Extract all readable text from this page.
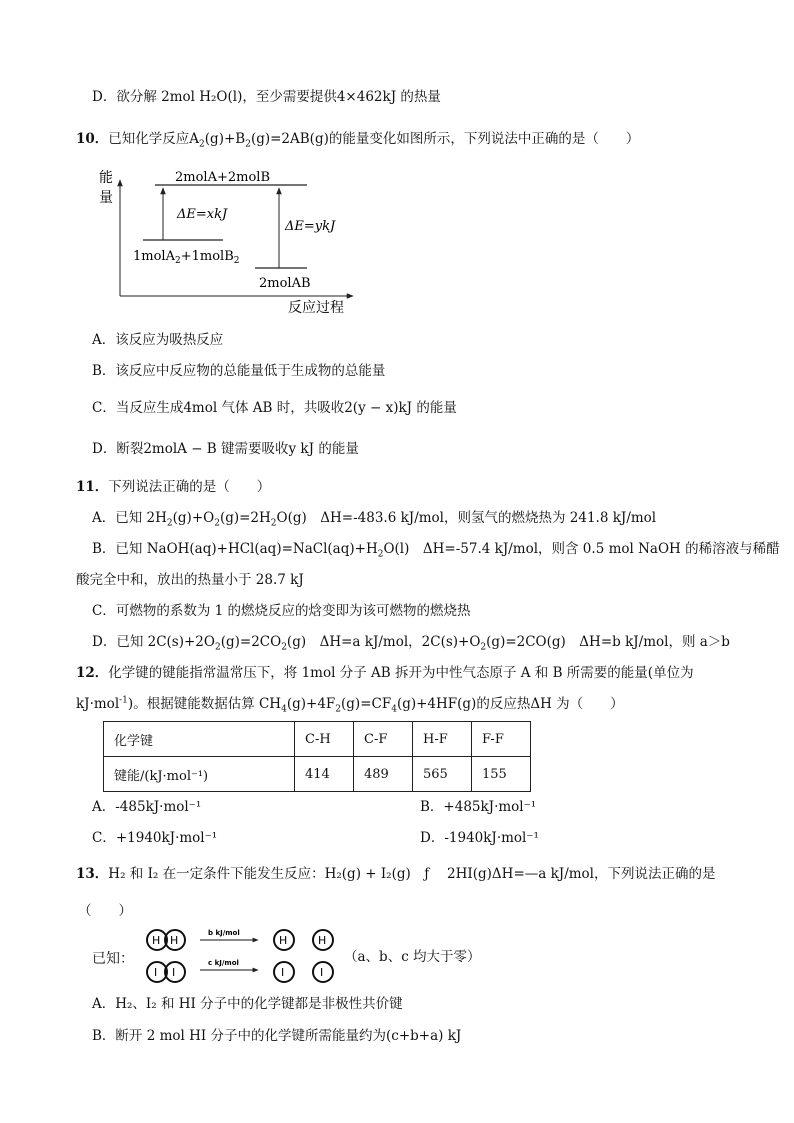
D．欲分解 2mol H₂O(l)，至少需要提供4×462kJ 的热量
10．已知化学反应$A_2(g)+B_2(g)=2AB(g)$的能量变化如图所示，下列说法中正确的是（　　）
能
量
反应过程
2molA+2molB
ΔE=xkJ
ΔE=ykJ
1molA$_2$+1molB$_2$
2molAB
A．该反应为吸热反应
B．该反应中反应物的总能量低于生成物的总能量
C．当反应生成4mol 气体 AB 时，共吸收2(y − x)kJ 的能量
D．断裂2molA − B 键需要吸收y kJ 的能量
11．下列说法正确的是（　　）
A．已知 $2H_2(g)+O_2(g)=2H_2O(g)$　ΔH=-483.6 kJ/mol，则氢气的燃烧热为 241.8 kJ/mol
B．已知 $NaOH(aq)+HCl(aq)=NaCl(aq)+H_2O(l)$　ΔH=-57.4 kJ/mol，则含 0.5 mol NaOH 的稀溶液与稀醋
酸完全中和，放出的热量小于 28.7 kJ
C．可燃物的系数为 1 的燃烧反应的焓变即为该可燃物的燃烧热
D．已知 $2C(s)+2O_2(g)=2CO_2(g)$　ΔH=a kJ/mol，$2C(s)+O_2(g)=2CO(g)$　ΔH=b kJ/mol，则 a＞b
12．化学键的键能指常温常压下，将 1mol 分子 AB 拆开为中性气态原子 A 和 B 所需要的能量(单位为
kJ·mol$^{-1}$)。根据键能数据估算 $CH_4(g)+4F_2(g)=CF_4(g)+4HF(g)$的反应热ΔH 为（　　）
化学键	C-H	C-F	H-F	F-F
键能/(kJ·mol⁻¹)	414	489	565	155
A．-485kJ·mol⁻¹	B．+485kJ·mol⁻¹
C．+1940kJ·mol⁻¹	D．-1940kJ·mol⁻¹
13．H₂ 和 I₂ 在一定条件下能发生反应：H₂(g) + I₂(g)　ƒ　 2HI(g)ΔH=—a kJ/mol，下列说法正确的是
（　　）
已知：
H H
b kJ/mol
H	H
I I
c kJ/mol
I	I
（a、b、c 均大于零）
A．H₂、I₂ 和 HI 分子中的化学键都是非极性共价键
B．断开 2 mol HI 分子中的化学键所需能量约为(c+b+a) kJ
